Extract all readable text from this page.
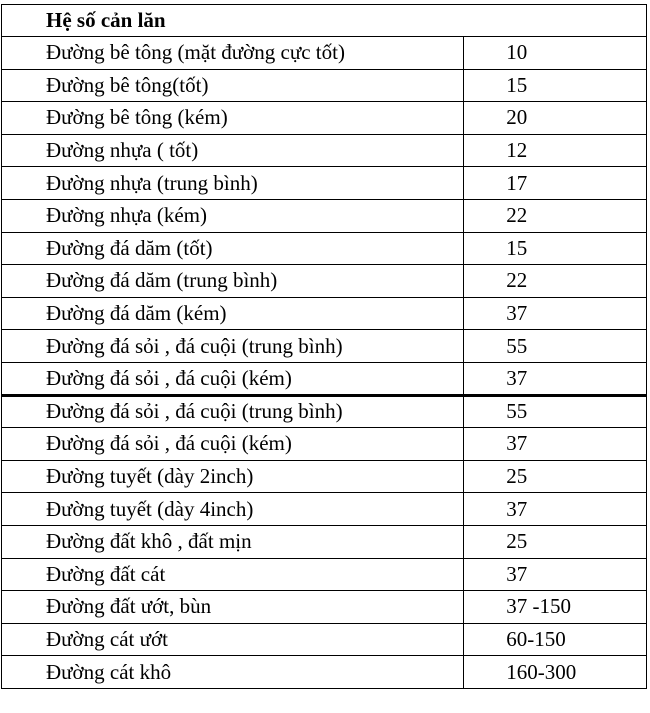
Hệ số cản lăn	
Đường bê tông (mặt đường cực tốt)	10
Đường bê tông(tốt)	15
Đường bê tông (kém)	20
Đường nhựa ( tốt)	12
Đường nhựa (trung bình)	17
Đường nhựa (kém)	22
Đường đá dăm (tốt)	15
Đường đá dăm (trung bình)	22
Đường đá dăm (kém)	37
Đường đá sỏi , đá cuội (trung bình)	55
Đường đá sỏi , đá cuội (kém)	37
Đường đá sỏi , đá cuội (trung bình)	55
Đường đá sỏi , đá cuội (kém)	37
Đường tuyết (dày 2inch)	25
Đường tuyết (dày 4inch)	37
Đường đất khô , đất mịn	25
Đường đất cát	37
Đường đất ướt, bùn	37 -150
Đường cát ướt	60-150
Đường cát khô	160-300
